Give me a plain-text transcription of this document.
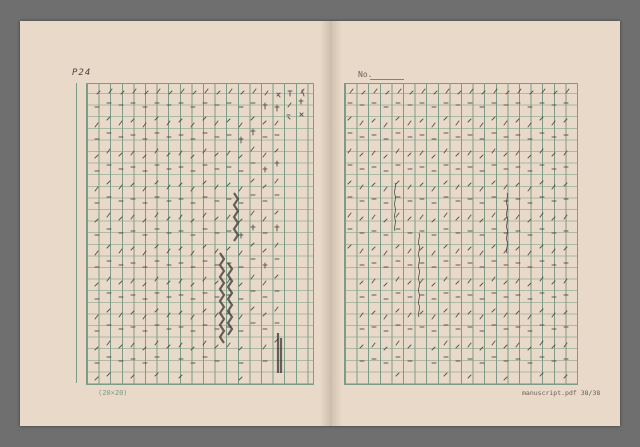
P24	No.
(20×20)	manuscript.pdf 38/38
